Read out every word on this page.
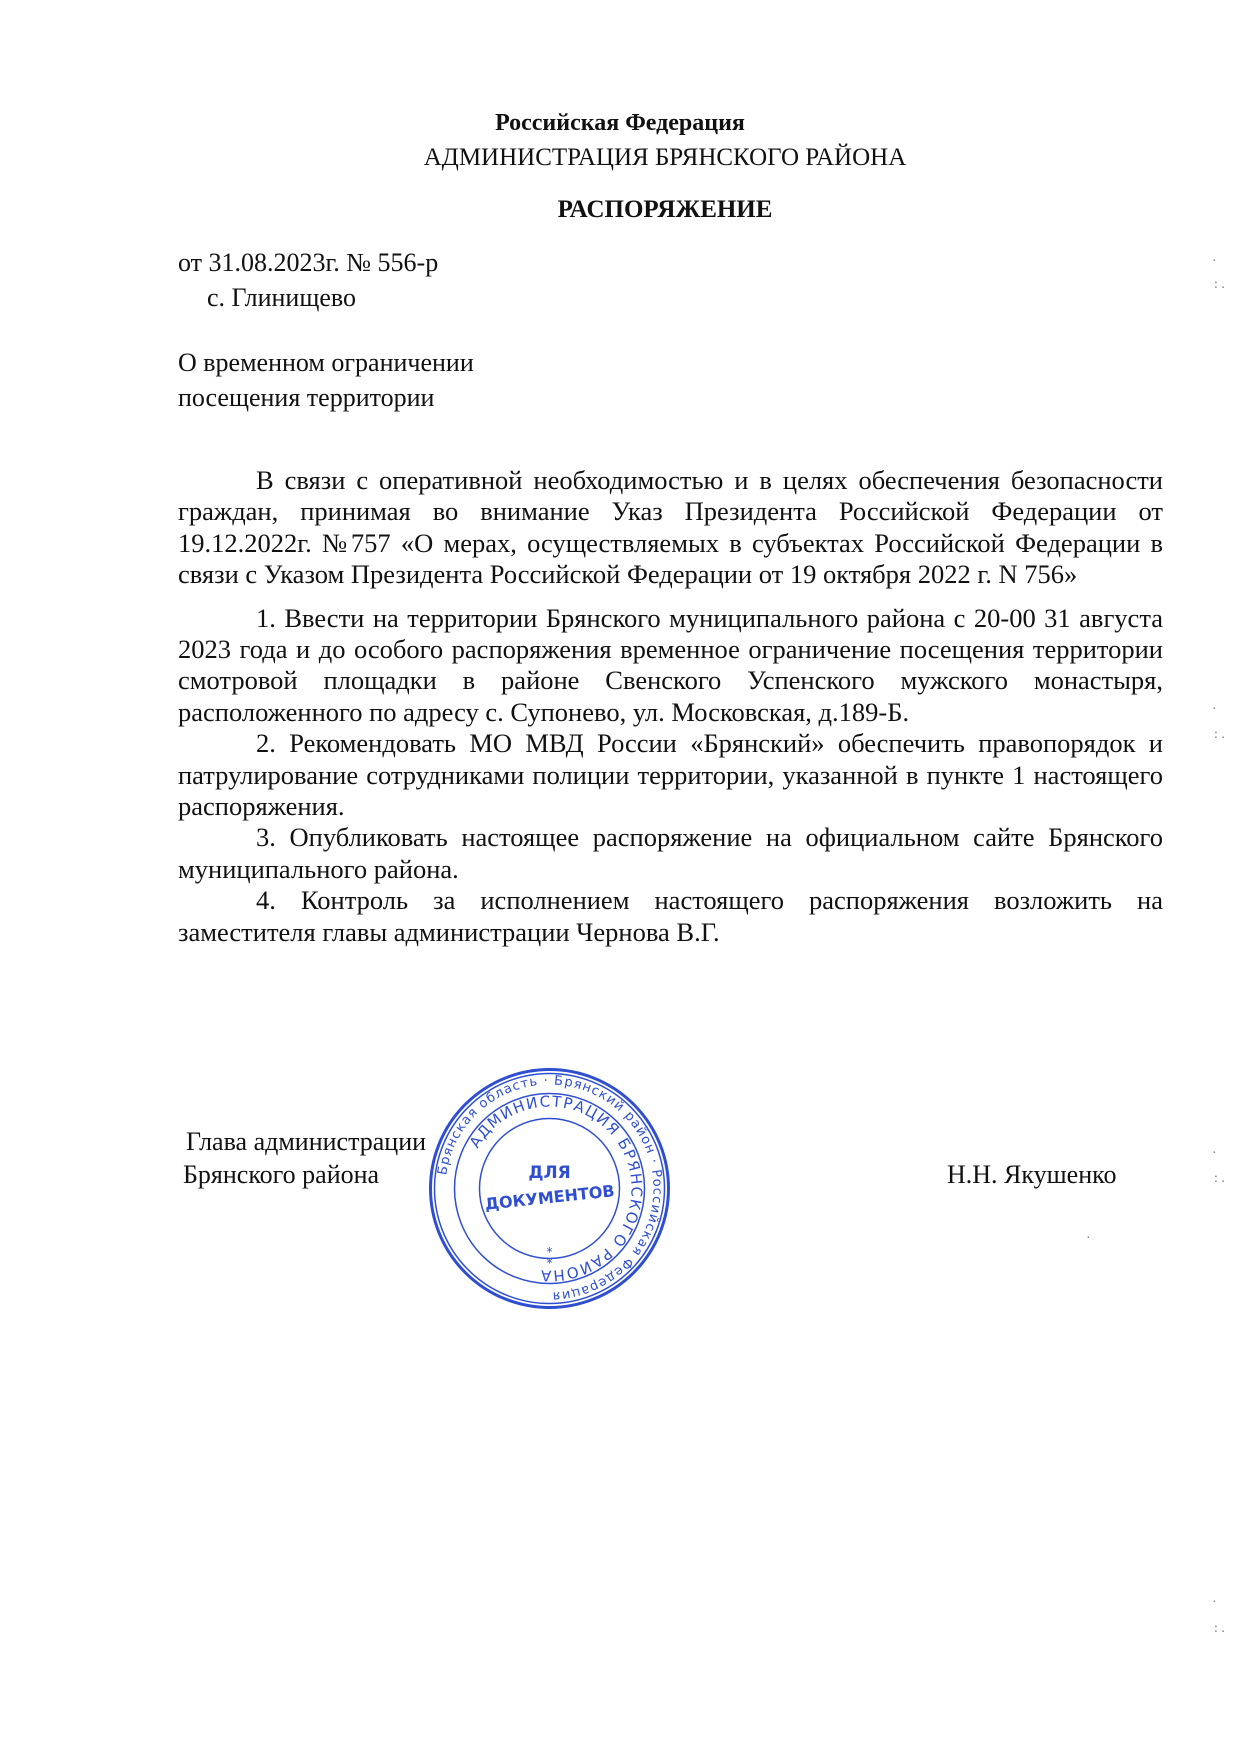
Российская Федерация
АДМИНИСТРАЦИЯ БРЯНСКОГО РАЙОНА
РАСПОРЯЖЕНИЕ
от 31.08.2023г. № 556-р
с. Глинищево
О временном ограничении
посещения территории

В связи с оперативной необходимостью и в целях обеспечения безопасности граждан, принимая во внимание Указ Президента Российской Федерации от 19.12.2022г. №757 «О мерах, осуществляемых в субъектах Российской Федерации в связи с Указом Президента Российской Федерации от 19 октября 2022 г. N 756»

1. Ввести на территории Брянского муниципального района с 20-00 31 августа 2023 года и до особого распоряжения временное ограничение посещения территории смотровой площадки в районе Свенского Успенского мужского монастыря, расположенного по адресу с. Супонево, ул. Московская, д.189-Б.

2. Рекомендовать МО МВД России «Брянский» обеспечить правопорядок и патрулирование сотрудниками полиции территории, указанной в пункте 1 настоящего распоряжения.

3. Опубликовать настоящее распоряжение на официальном сайте Брянского муниципального района.

4. Контроль за исполнением настоящего распоряжения возложить на заместителя главы администрации Чернова В.Г.

Глава администрации
Брянского района	Н.Н. Якушенко
Брянская область · Брянский район · Российская Федерация
АДМИНИСТРАЦИЯ БРЯНСКОГО РАЙОНА
ДЛЯ
ДОКУМЕНТОВ
*
*
·
: .
·
: .
·
: .
·
: .
·
